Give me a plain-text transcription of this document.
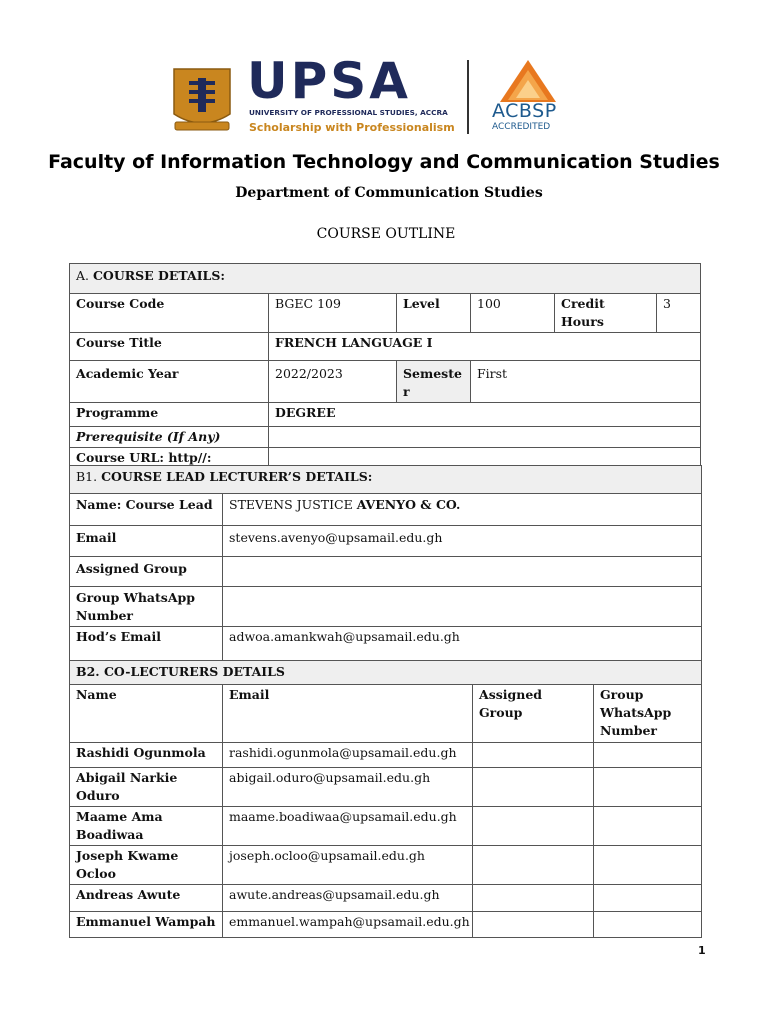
UPSA
UNIVERSITY OF PROFESSIONAL STUDIES, ACCRA
Scholarship with Professionalism
ACBSP
ACCREDITED
Faculty of Information Technology and Communication Studies
Department of Communication Studies
COURSE OUTLINE
A. COURSE DETAILS:					
Course Code	BGEC 109	Level	100	Credit Hours	3
Course Title	FRENCH LANGUAGE I				
Academic Year	2022/2023	Semeste r	First		
Programme	DEGREE				
Prerequisite (If Any)					
Course URL: http//:					
B1. COURSE LEAD LECTURER’S DETAILS:			
Name: Course Lead	STEVENS JUSTICE AVENYO & CO.		
Email	stevens.avenyo@upsamail.edu.gh		
Assigned Group			
Group WhatsApp Number			
Hod’s Email	adwoa.amankwah@upsamail.edu.gh		
B2. CO-LECTURERS DETAILS			
Name	Email	Assigned Group	Group WhatsApp Number
Rashidi Ogunmola	rashidi.ogunmola@upsamail.edu.gh		
Abigail Narkie Oduro	abigail.oduro@upsamail.edu.gh		
Maame Ama Boadiwaa	maame.boadiwaa@upsamail.edu.gh		
Joseph Kwame Ocloo	joseph.ocloo@upsamail.edu.gh		
Andreas Awute	awute.andreas@upsamail.edu.gh		
Emmanuel Wampah	emmanuel.wampah@upsamail.edu.gh		
1
